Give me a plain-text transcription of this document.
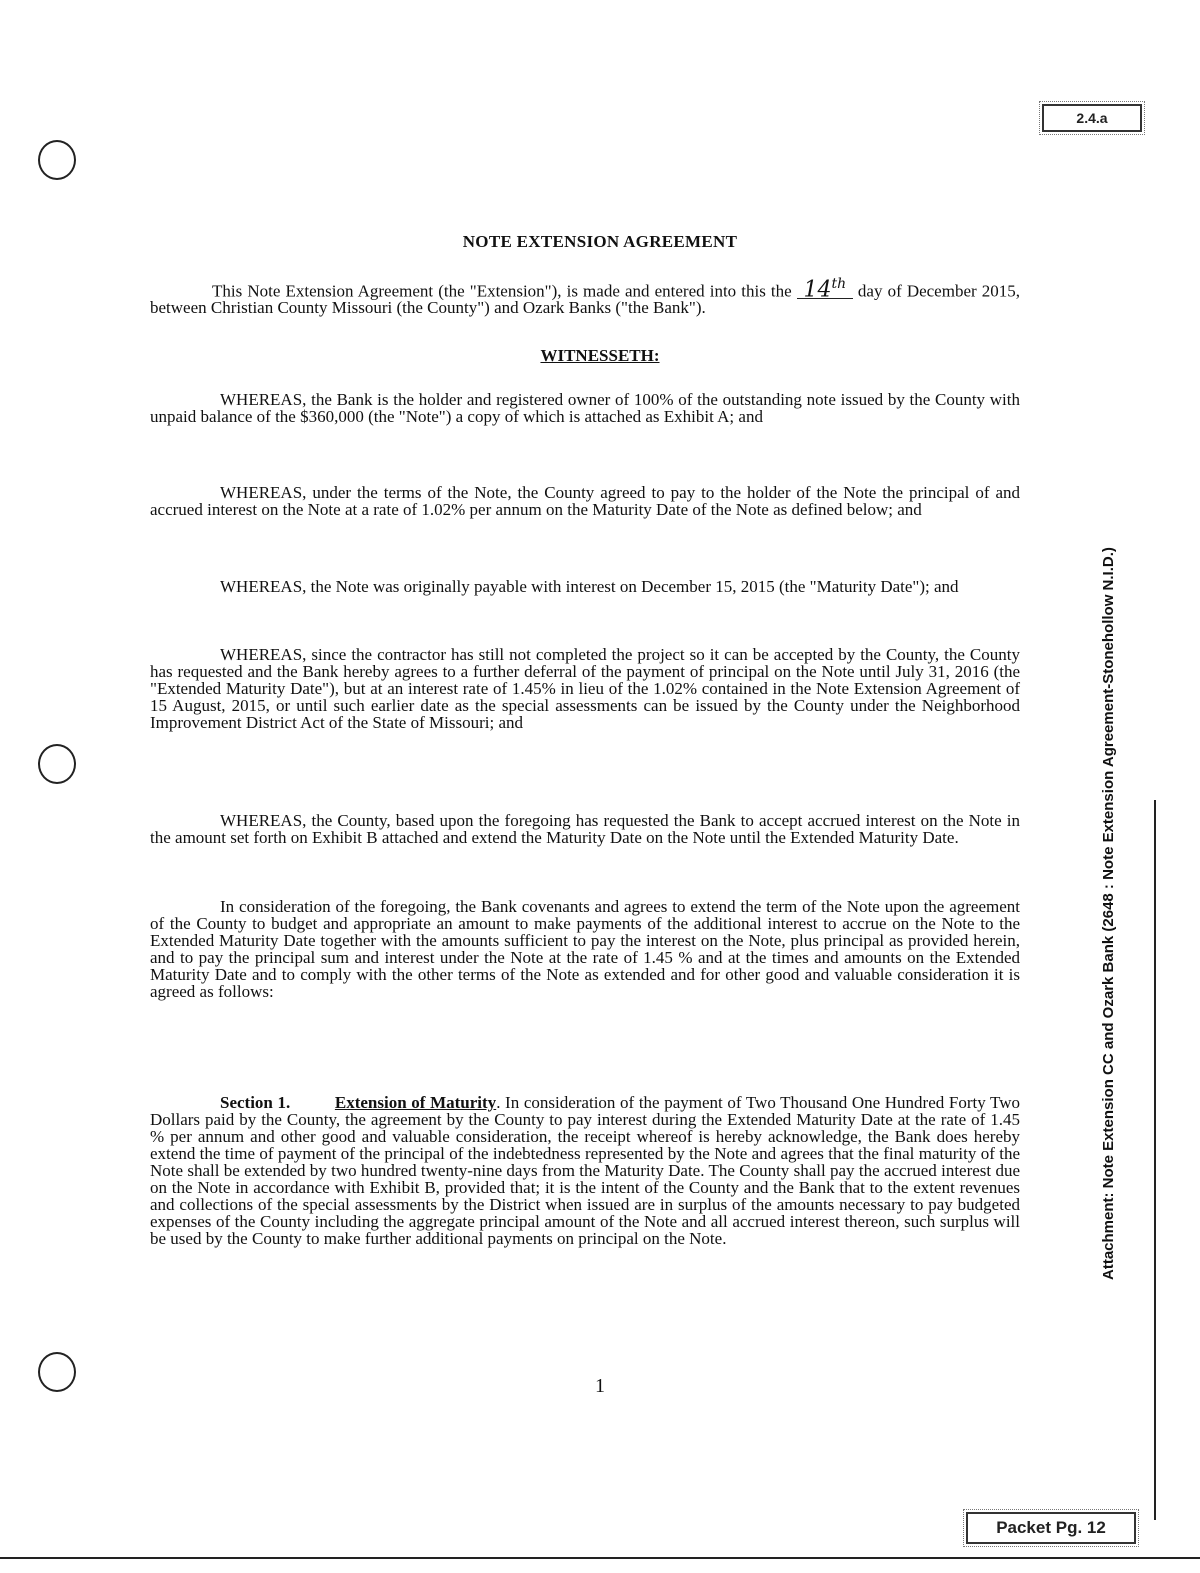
2.4.a
Attachment: Note Extension CC and Ozark Bank (2648 : Note Extension Agreement-Stonehollow N.I.D.)
NOTE EXTENSION AGREEMENT
This Note Extension Agreement (the "Extension"), is made and entered into this the 14th day of December 2015, between Christian County Missouri (the County") and Ozark Banks ("the Bank").
WITNESSETH:
WHEREAS, the Bank is the holder and registered owner of 100% of the outstanding note issued by the County with unpaid balance of the $360,000 (the "Note") a copy of which is attached as Exhibit A; and
WHEREAS, under the terms of the Note, the County agreed to pay to the holder of the Note the principal of and accrued interest on the Note at a rate of 1.02% per annum on the Maturity Date of the Note as defined below; and
WHEREAS, the Note was originally payable with interest on December 15, 2015 (the "Maturity Date"); and
WHEREAS, since the contractor has still not completed the project so it can be accepted by the County, the County has requested and the Bank hereby agrees to a further deferral of the payment of principal on the Note until July 31, 2016 (the "Extended Maturity Date"), but at an interest rate of 1.45% in lieu of the 1.02% contained in the Note Extension Agreement of 15 August, 2015, or until such earlier date as the special assessments can be issued by the County under the Neighborhood Improvement District Act of the State of Missouri; and
WHEREAS, the County, based upon the foregoing has requested the Bank to accept accrued interest on the Note in the amount set forth on Exhibit B attached and extend the Maturity Date on the Note until the Extended Maturity Date.
In consideration of the foregoing, the Bank covenants and agrees to extend the term of the Note upon the agreement of the County to budget and appropriate an amount to make payments of the additional interest to accrue on the Note to the Extended Maturity Date together with the amounts sufficient to pay the interest on the Note, plus principal as provided herein, and to pay the principal sum and interest under the Note at the rate of 1.45 % and at the times and amounts on the Extended Maturity Date and to comply with the other terms of the Note as extended and for other good and valuable consideration it is agreed as follows:
Section 1.	Extension of Maturity. In consideration of the payment of Two Thousand One Hundred Forty Two Dollars paid by the County, the agreement by the County to pay interest during the Extended Maturity Date at the rate of 1.45 % per annum and other good and valuable consideration, the receipt whereof is hereby acknowledge, the Bank does hereby extend the time of payment of the principal of the indebtedness represented by the Note and agrees that the final maturity of the Note shall be extended by two hundred twenty-nine days from the Maturity Date. The County shall pay the accrued interest due on the Note in accordance with Exhibit B, provided that; it is the intent of the County and the Bank that to the extent revenues and collections of the special assessments by the District when issued are in surplus of the amounts necessary to pay budgeted expenses of the County including the aggregate principal amount of the Note and all accrued interest thereon, such surplus will be used by the County to make further additional payments on principal on the Note.
1
Packet Pg. 12
